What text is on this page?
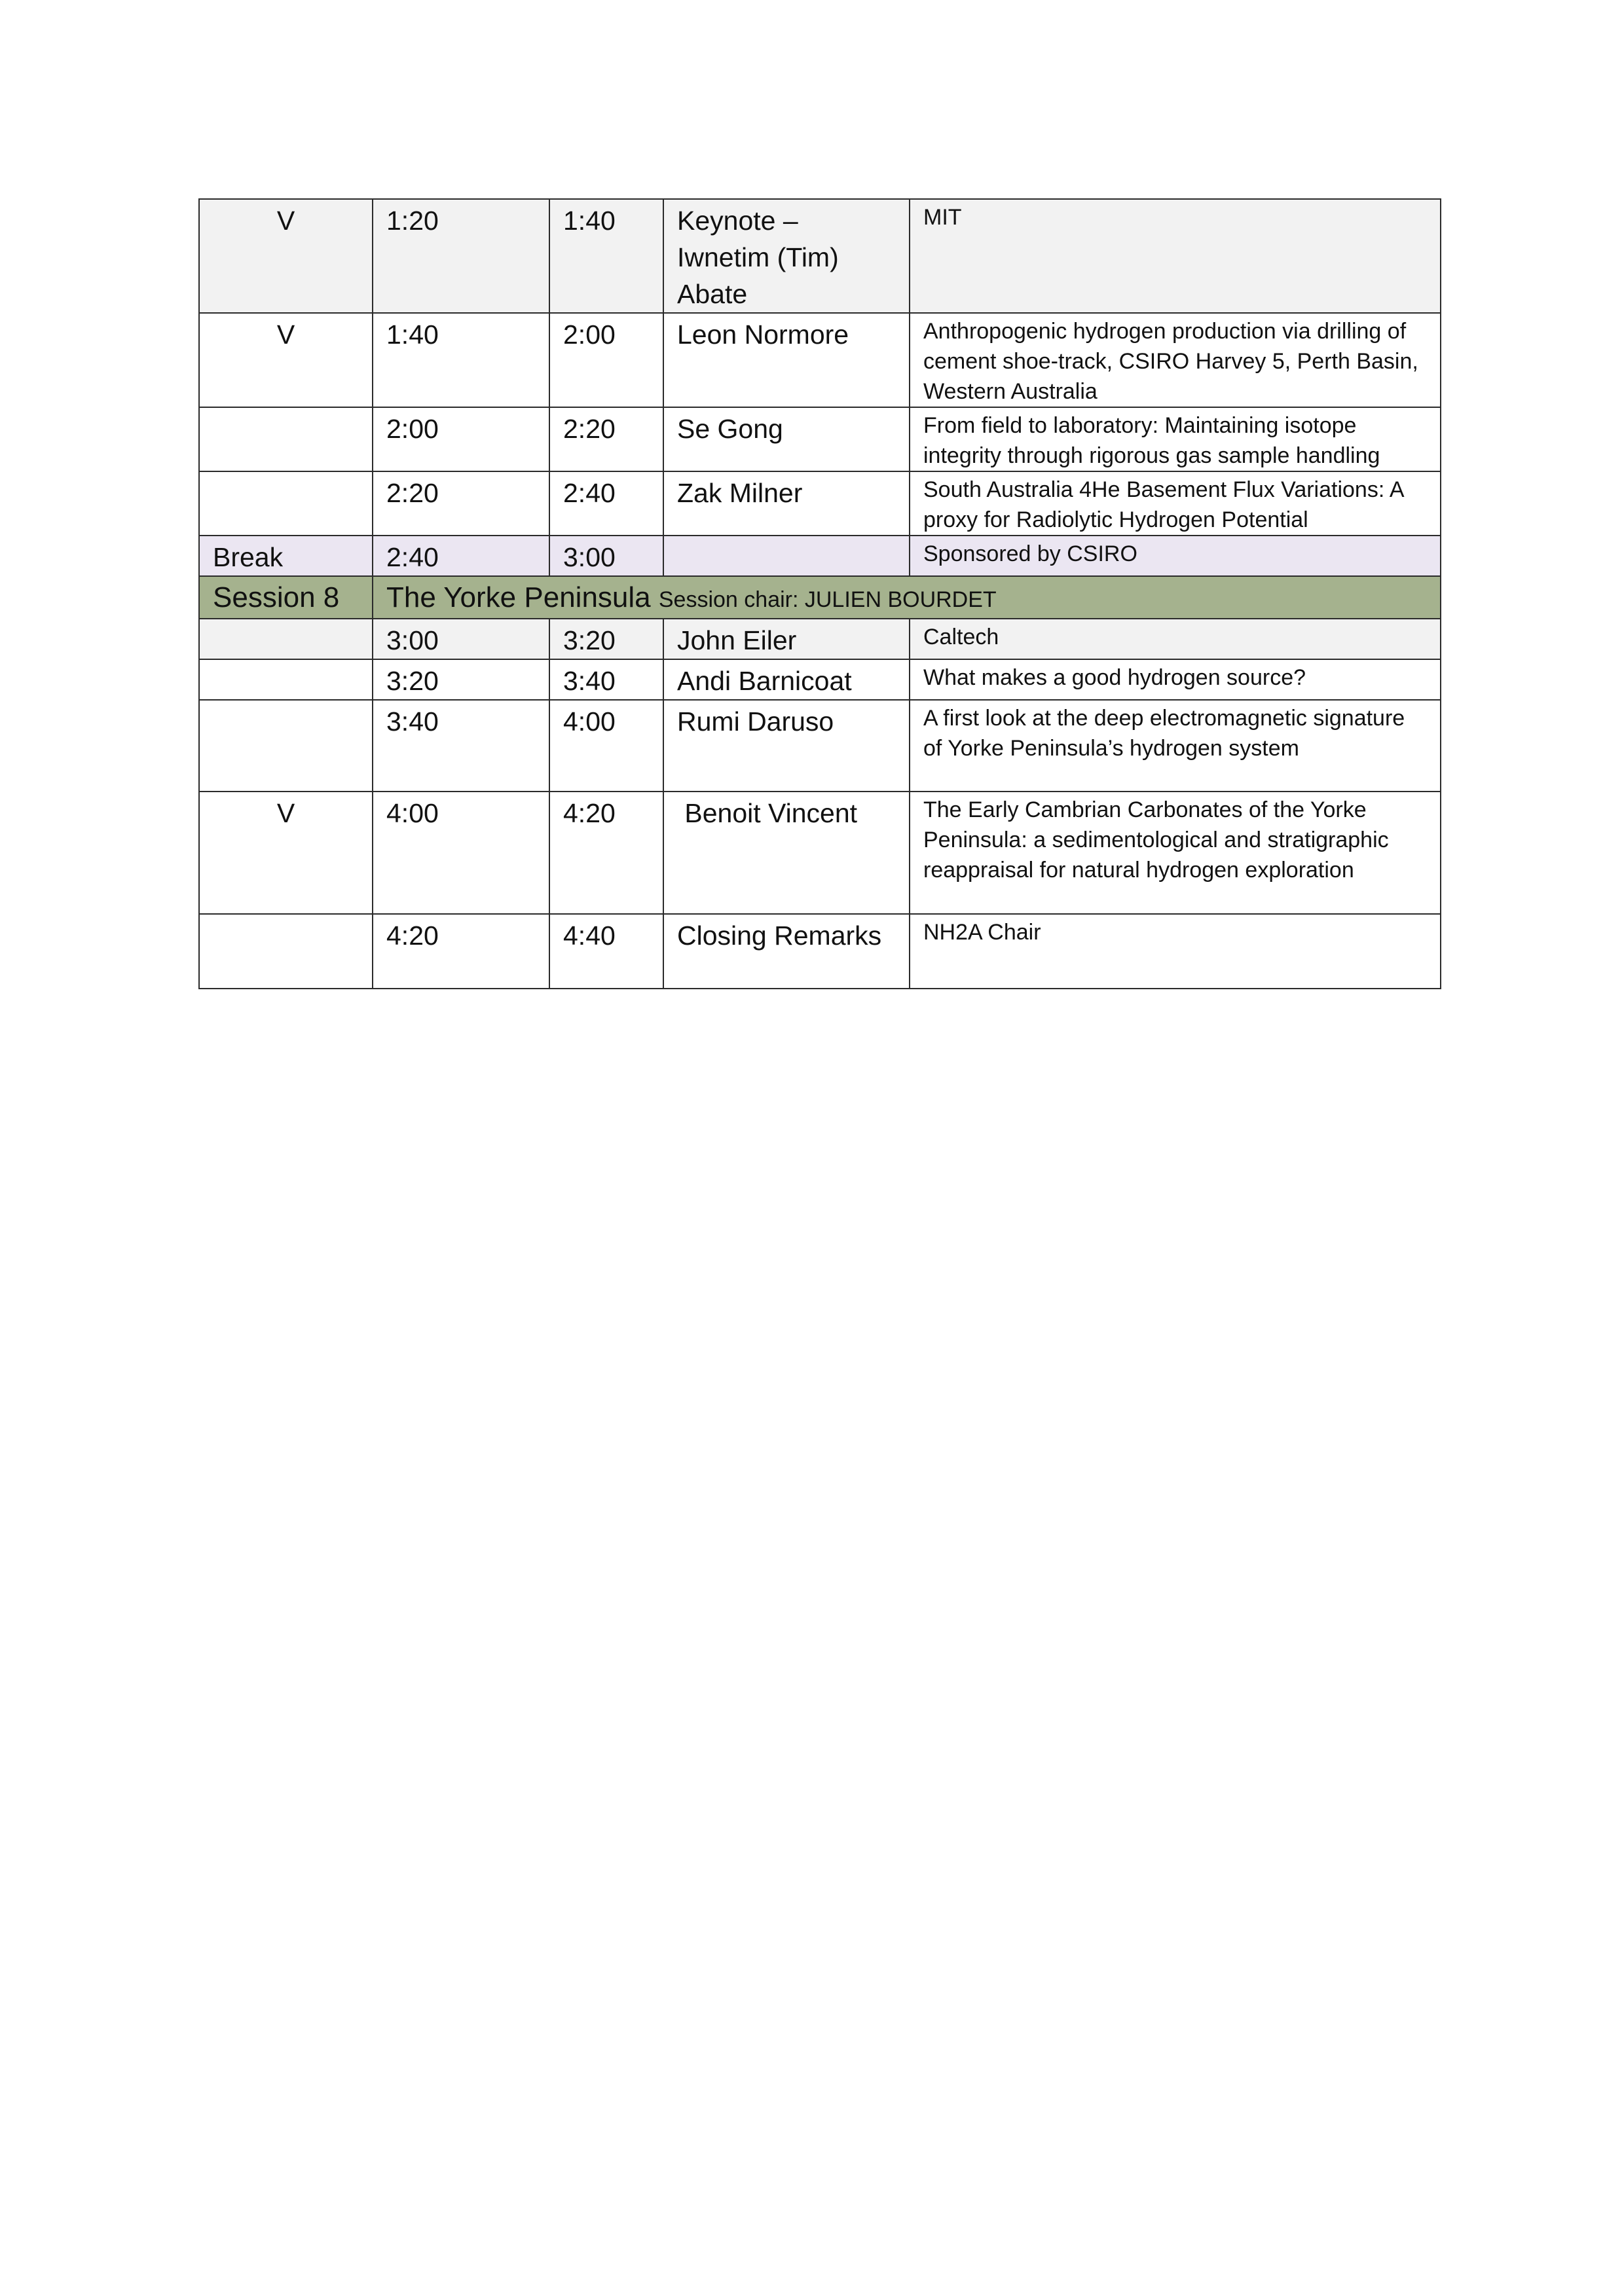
V	1:20	1:40	Keynote – Iwnetim (Tim) Abate	MIT
V	1:40	2:00	Leon Normore	Anthropogenic hydrogen production via drilling of cement shoe-track, CSIRO Harvey 5, Perth Basin, Western Australia
	2:00	2:20	Se Gong	From field to laboratory: Maintaining isotope integrity through rigorous gas sample handling
	2:20	2:40	Zak Milner	South Australia 4He Basement Flux Variations: A proxy for Radiolytic Hydrogen Potential
Break	2:40	3:00		Sponsored by CSIRO
Session 8	The Yorke Peninsula Session chair: JULIEN BOURDET			
	3:00	3:20	John Eiler	Caltech
	3:20	3:40	Andi Barnicoat	What makes a good hydrogen source?
	3:40	4:00	Rumi Daruso	A first look at the deep electromagnetic signature of Yorke Peninsula’s hydrogen system
V	4:00	4:20	Benoit Vincent	The Early Cambrian Carbonates of the Yorke Peninsula: a sedimentological and stratigraphic reappraisal for natural hydrogen exploration
	4:20	4:40	Closing Remarks	NH2A Chair
